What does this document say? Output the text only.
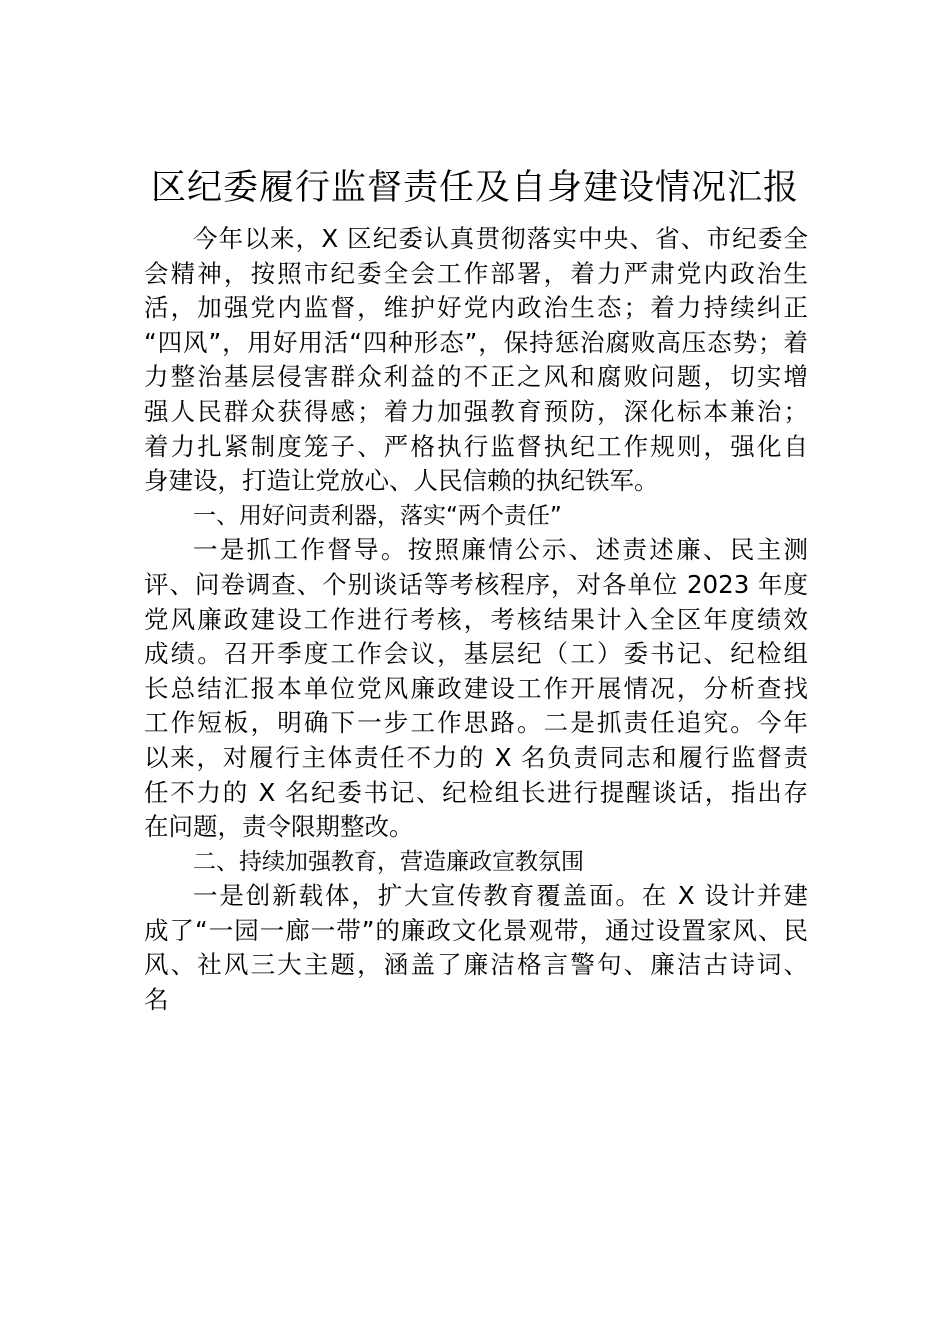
区纪委履行监督责任及自身建设情况汇报
今年以来，X 区纪委认真贯彻落实中央、省、市纪委全
会精神，按照市纪委全会工作部署，着力严肃党内政治生
活，加强党内监督，维护好党内政治生态；着力持续纠正
“四风”，用好用活“四种形态”，保持惩治腐败高压态势；着
力整治基层侵害群众利益的不正之风和腐败问题，切实增
强人民群众获得感；着力加强教育预防，深化标本兼治；
着力扎紧制度笼子、严格执行监督执纪工作规则，强化自
身建设，打造让党放心、人民信赖的执纪铁军。
一、用好问责利器，落实“两个责任”
一是抓工作督导。按照廉情公示、述责述廉、民主测
评、问卷调查、个别谈话等考核程序，对各单位 2023 年度
党风廉政建设工作进行考核，考核结果计入全区年度绩效
成绩。召开季度工作会议，基层纪（工）委书记、纪检组
长总结汇报本单位党风廉政建设工作开展情况，分析查找
工作短板，明确下一步工作思路。二是抓责任追究。今年
以来，对履行主体责任不力的 X 名负责同志和履行监督责
任不力的 X 名纪委书记、纪检组长进行提醒谈话，指出存
在问题，责令限期整改。
二、持续加强教育，营造廉政宣教氛围
一是创新载体，扩大宣传教育覆盖面。在 X 设计并建
成了“一园一廊一带”的廉政文化景观带，通过设置家风、民
风、社风三大主题，涵盖了廉洁格言警句、廉洁古诗词、
名
